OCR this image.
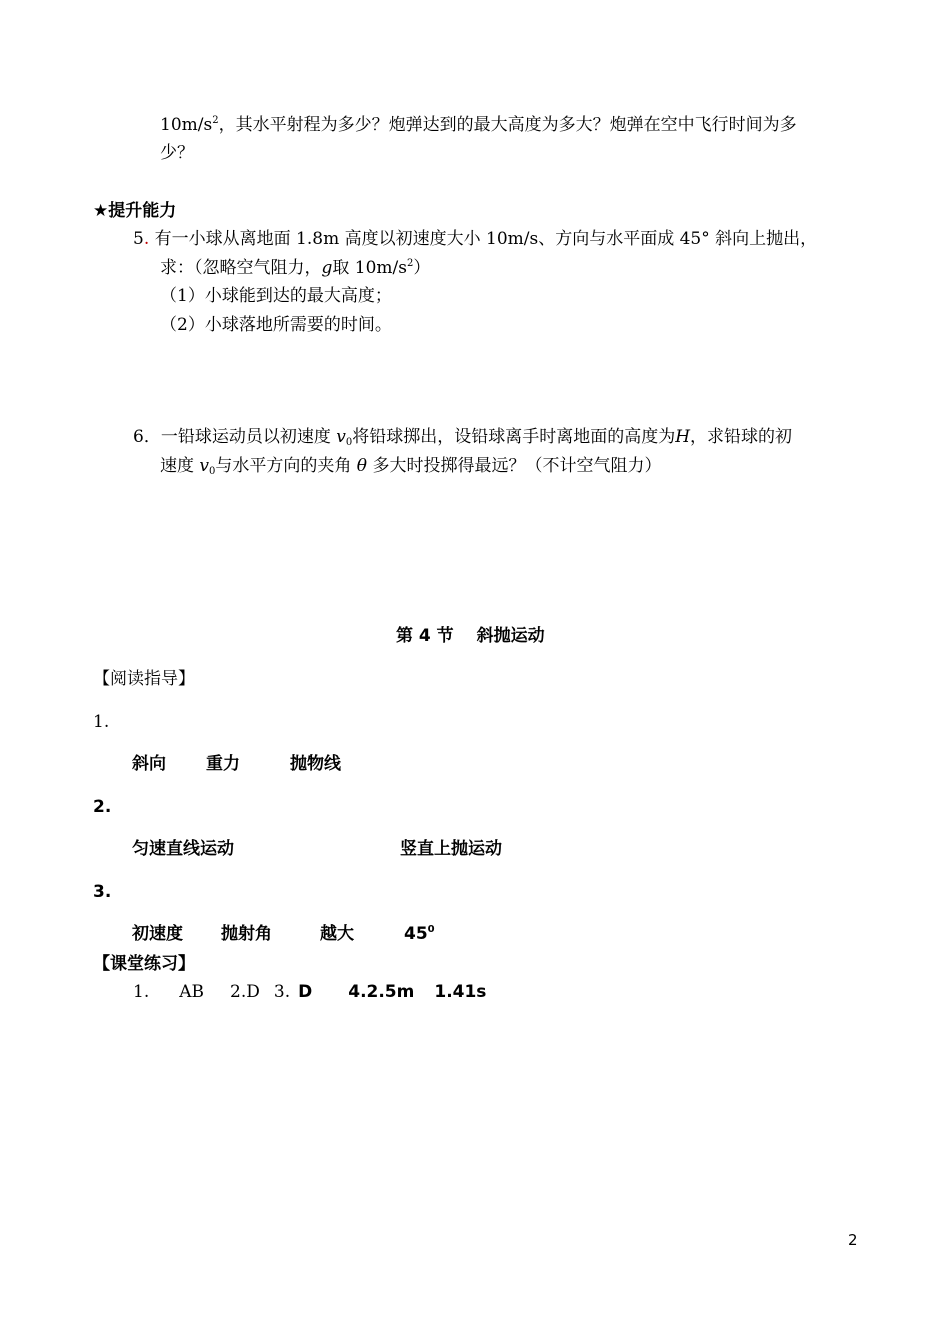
$10m/s^2$，其水平射程为多少？炮弹达到的最大高度为多大？炮弹在空中飞行时间为多
少？
★提升能力
5. 有一小球从离地面 1.8m 高度以初速度大小 10m/s、方向与水平面成 45° 斜向上抛出，
求：（忽略空气阻力，g取 $10m/s^2$）
（1）小球能到达的最大高度；
（2）小球落地所需要的时间。
6．一铅球运动员以初速度 $v_0$将铅球掷出，设铅球离手时离地面的高度为H，求铅球的初
速度 $v_0$与水平方向的夹角 θ 多大时投掷得最远？（不计空气阻力）
第 4 节　 斜抛运动
【阅读指导】
1.
斜向 重力	抛物线
2.
匀速直线运动	竖直上抛运动
3.
初速度 抛射角	越大	$45^0$
【课堂练习】
1. AB 2.D 3. D 4.2.5m 1.41s
2
